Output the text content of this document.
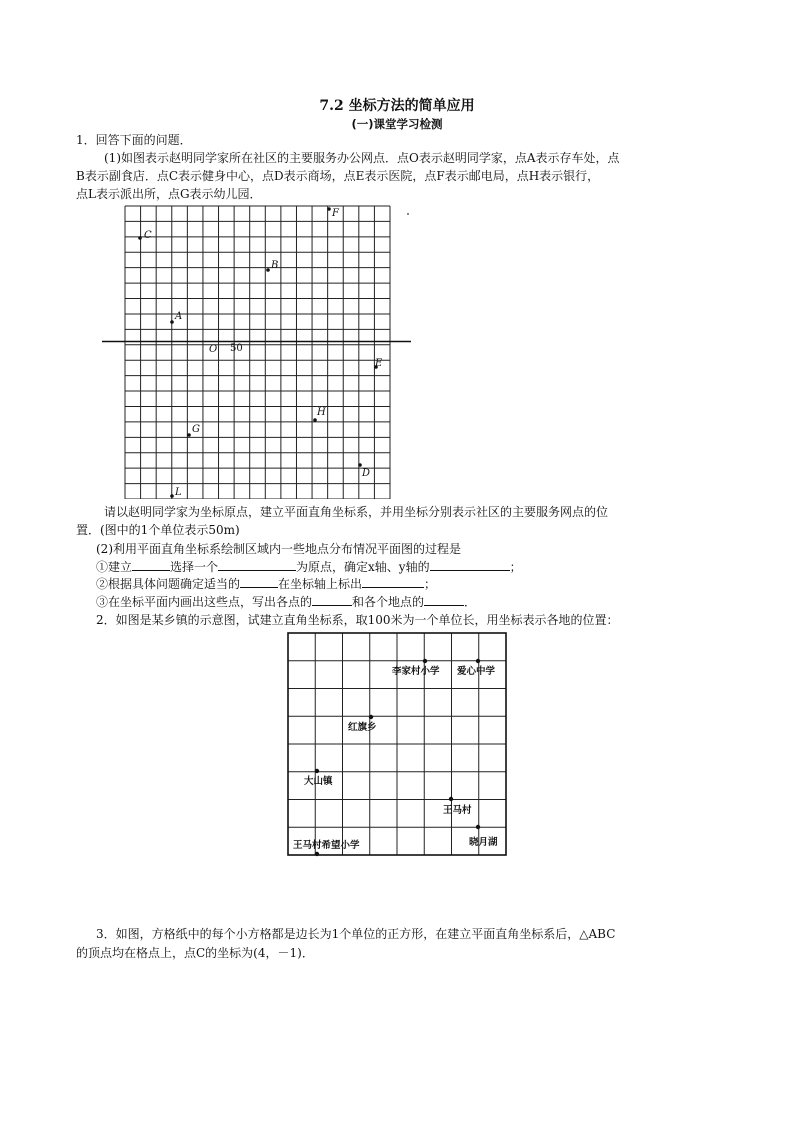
7.2 坐标方法的简单应用
(一)课堂学习检测
1．回答下面的问题．
(1)如图表示赵明同学家所在社区的主要服务办公网点．点O表示赵明同学家，点A表示存车处，点
B表示副食店．点C表示健身中心，点D表示商场，点E表示医院，点F表示邮电局，点H表示银行，
点L表示派出所，点G表示幼儿园．
C
A
B
F
E
H
G
D
L
O 50
请以赵明同学家为坐标原点，建立平面直角坐标系，并用坐标分别表示社区的主要服务网点的位
置．(图中的1个单位表示50m)
(2)利用平面直角坐标系绘制区域内一些地点分布情况平面图的过程是
①建立	选择一个	为原点，确定x轴、y轴的	；
②根据具体问题确定适当的	在坐标轴上标出	；
③在坐标平面内画出这些点，写出各点的	和各个地点的	．
2．如图是某乡镇的示意图，试建立直角坐标系，取100米为一个单位长，用坐标表示各地的位置：
李家村小学 爱心中学
红旗乡
大山镇
王马村
王马村希望小学	晓月湖
3．如图，方格纸中的每个小方格都是边长为1个单位的正方形，在建立平面直角坐标系后，△ABC
的顶点均在格点上，点C的坐标为(4，－1)．
